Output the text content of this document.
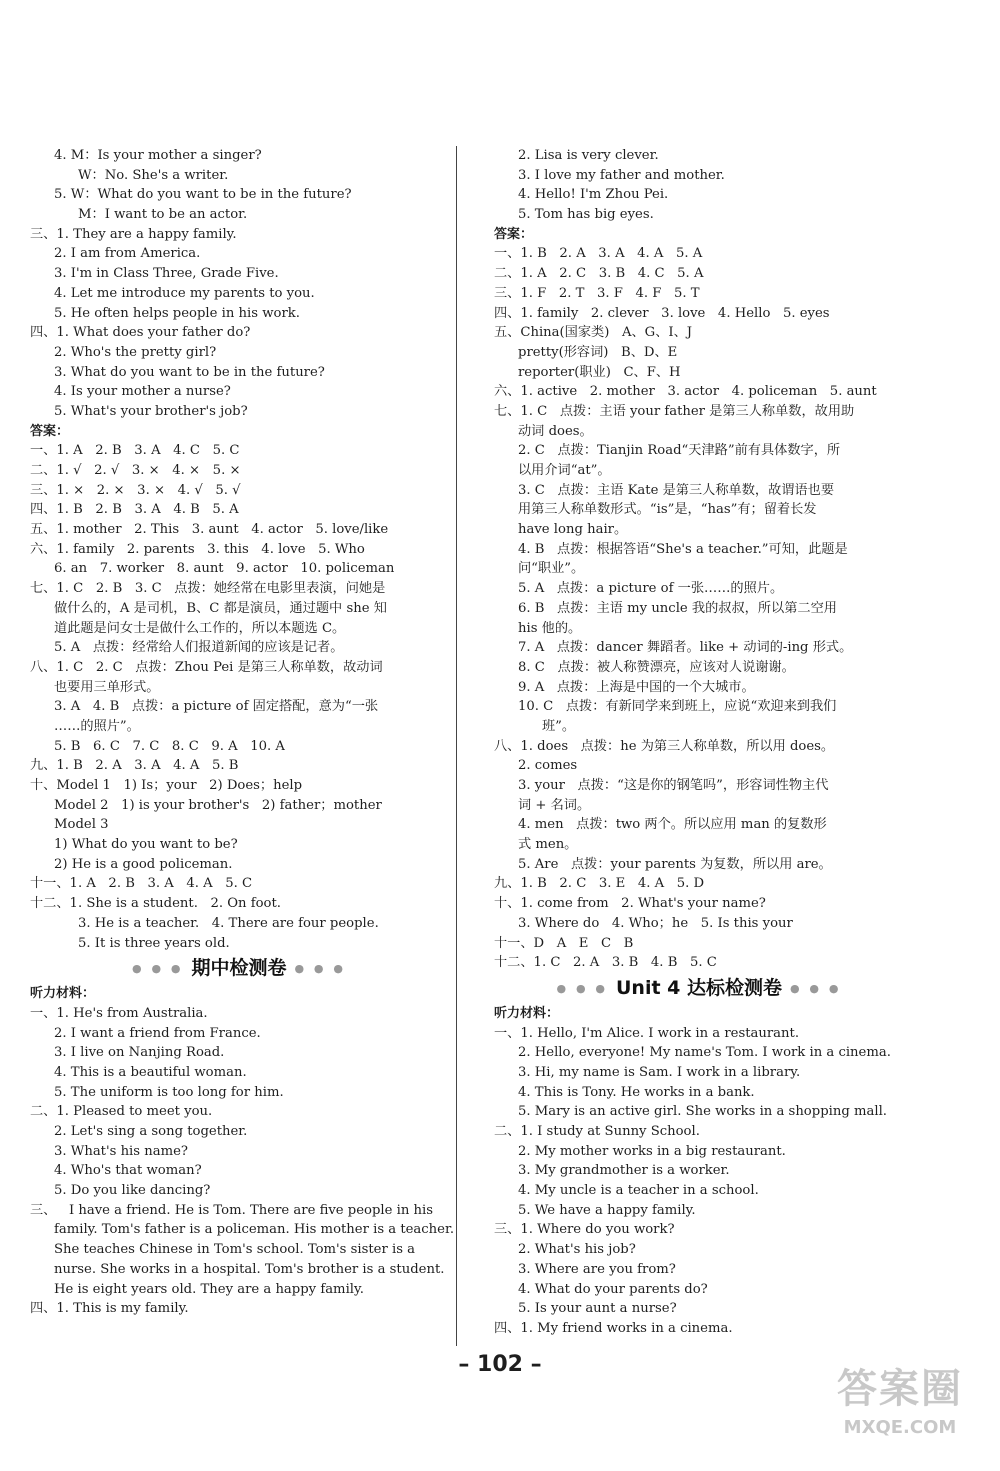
4. M：Is your mother a singer?
W：No. She's a writer.
5. W：What do you want to be in the future?
M：I want to be an actor.
三、1. They are a happy family.
2. I am from America.
3. I'm in Class Three, Grade Five.
4. Let me introduce my parents to you.
5. He often helps people in his work.
四、1. What does your father do?
2. Who's the pretty girl?
3. What do you want to be in the future?
4. Is your mother a nurse?
5. What's your brother's job?
答案：
一、1. A   2. B   3. A   4. C   5. C
二、1. √   2. √   3. ×   4. ×   5. ×
三、1. ×   2. ×   3. ×   4. √   5. √
四、1. B   2. B   3. A   4. B   5. A
五、1. mother   2. This   3. aunt   4. actor   5. love/like
六、1. family   2. parents   3. this   4. love   5. Who
6. an   7. worker   8. aunt   9. actor   10. policeman
七、1. C   2. B   3. C   点拨：她经常在电影里表演，问她是
做什么的，A 是司机，B、C 都是演员，通过题中 she 知
道此题是问女士是做什么工作的，所以本题选 C。
5. A   点拨：经常给人们报道新闻的应该是记者。
八、1. C   2. C   点拨：Zhou Pei 是第三人称单数，故动词
也要用三单形式。
3. A   4. B   点拨：a picture of 固定搭配，意为“一张
……的照片”。
5. B   6. C   7. C   8. C   9. A   10. A
九、1. B   2. A   3. A   4. A   5. B
十、Model 1   1) Is；your   2) Does；help
Model 2   1) is your brother's   2) father；mother
Model 3
1) What do you want to be?
2) He is a good policeman.
十一、1. A   2. B   3. A   4. A   5. C
十二、1. She is a student.   2. On foot.
3. He is a teacher.   4. There are four people.
5. It is three years old.
● ● ● 期中检测卷 ● ● ●
听力材料：
一、1. He's from Australia.
2. I want a friend from France.
3. I live on Nanjing Road.
4. This is a beautiful woman.
5. The uniform is too long for him.
二、1. Pleased to meet you.
2. Let's sing a song together.
3. What's his name?
4. Who's that woman?
5. Do you like dancing?
三、   I have a friend. He is Tom. There are five people in his
family. Tom's father is a policeman. His mother is a teacher.
She teaches Chinese in Tom's school. Tom's sister is a
nurse. She works in a hospital. Tom's brother is a student.
He is eight years old. They are a happy family.
四、1. This is my family.
2. Lisa is very clever.
3. I love my father and mother.
4. Hello! I'm Zhou Pei.
5. Tom has big eyes.
答案：
一、1. B   2. A   3. A   4. A   5. A
二、1. A   2. C   3. B   4. C   5. A
三、1. F   2. T   3. F   4. F   5. T
四、1. family   2. clever   3. love   4. Hello   5. eyes
五、China(国家类)   A、G、I、J
pretty(形容词)   B、D、E
reporter(职业)   C、F、H
六、1. active   2. mother   3. actor   4. policeman   5. aunt
七、1. C   点拨：主语 your father 是第三人称单数，故用助
动词 does。
2. C   点拨：Tianjin Road“天津路”前有具体数字，所
以用介词“at”。
3. C   点拨：主语 Kate 是第三人称单数，故谓语也要
用第三人称单数形式。“is”是，“has”有；留着长发
have long hair。
4. B   点拨：根据答语“She's a teacher.”可知，此题是
问“职业”。
5. A   点拨：a picture of 一张……的照片。
6. B   点拨：主语 my uncle 我的叔叔，所以第二空用
his 他的。
7. A   点拨：dancer 舞蹈者。like + 动词的-ing 形式。
8. C   点拨：被人称赞漂亮，应该对人说谢谢。
9. A   点拨：上海是中国的一个大城市。
10. C   点拨：有新同学来到班上，应说“欢迎来到我们
班”。
八、1. does   点拨：he 为第三人称单数，所以用 does。
2. comes
3. your   点拨：“这是你的钢笔吗”，形容词性物主代
词 + 名词。
4. men   点拨：two 两个。所以应用 man 的复数形
式 men。
5. Are   点拨：your parents 为复数，所以用 are。
九、1. B   2. C   3. E   4. A   5. D
十、1. come from   2. What's your name?
3. Where do   4. Who；he   5. Is this your
十一、D   A   E   C   B
十二、1. C   2. A   3. B   4. B   5. C
● ● ● Unit 4 达标检测卷 ● ● ●
听力材料：
一、1. Hello, I'm Alice. I work in a restaurant.
2. Hello, everyone! My name's Tom. I work in a cinema.
3. Hi, my name is Sam. I work in a library.
4. This is Tony. He works in a bank.
5. Mary is an active girl. She works in a shopping mall.
二、1. I study at Sunny School.
2. My mother works in a big restaurant.
3. My grandmother is a worker.
4. My uncle is a teacher in a school.
5. We have a happy family.
三、1. Where do you work?
2. What's his job?
3. Where are you from?
4. What do your parents do?
5. Is your aunt a nurse?
四、1. My friend works in a cinema.
– 102 –
答案圈
MXQE.COM
